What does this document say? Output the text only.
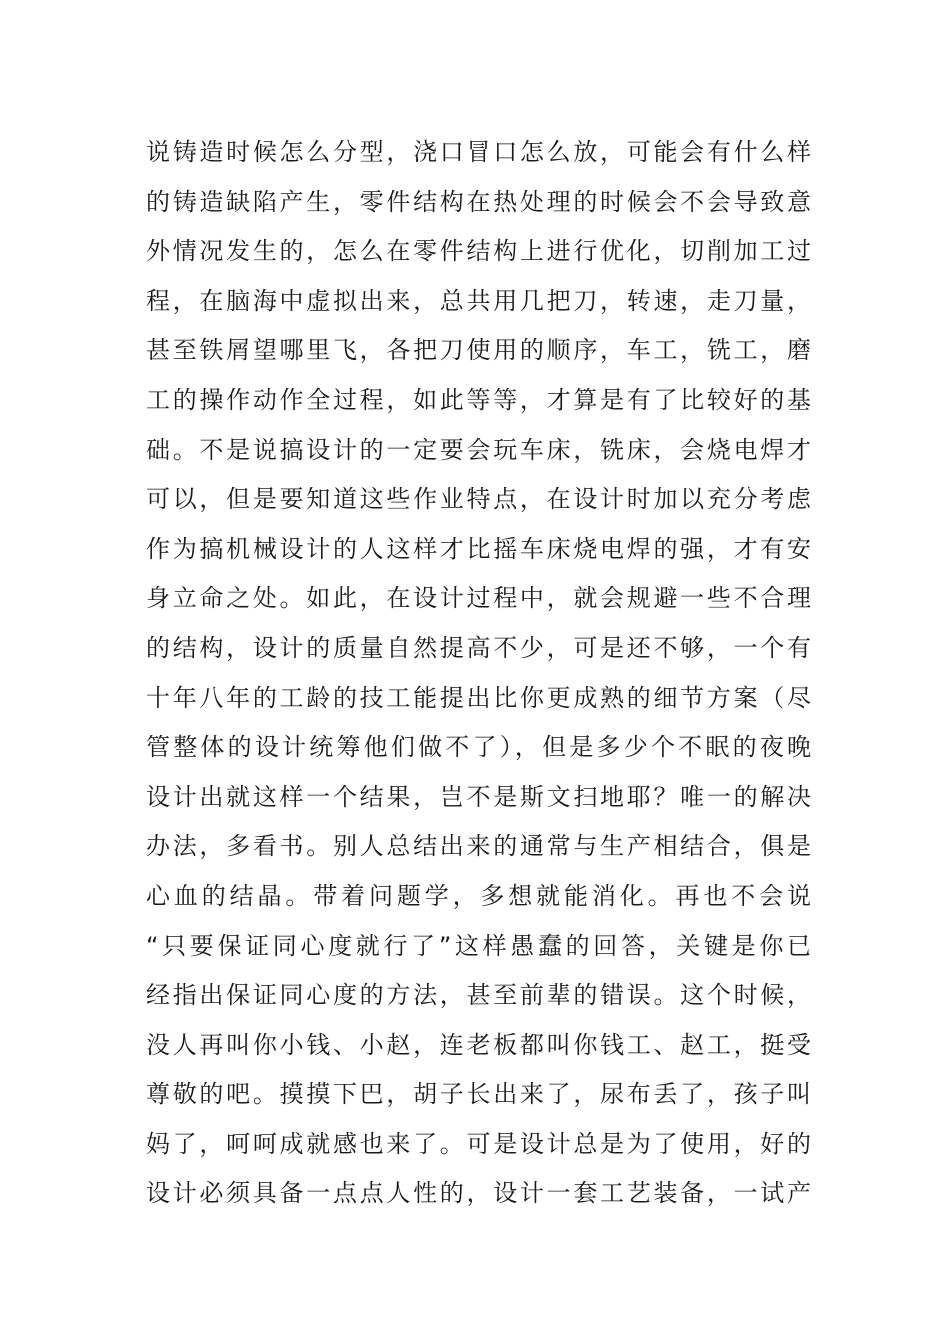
说铸造时候怎么分型，浇口冒口怎么放，可能会有什么样
的铸造缺陷产生，零件结构在热处理的时候会不会导致意
外情况发生的，怎么在零件结构上进行优化，切削加工过
程，在脑海中虚拟出来，总共用几把刀，转速，走刀量，
甚至铁屑望哪里飞，各把刀使用的顺序，车工，铣工，磨
工的操作动作全过程，如此等等，才算是有了比较好的基
础。不是说搞设计的一定要会玩车床，铣床，会烧电焊才
可以，但是要知道这些作业特点，在设计时加以充分考虑
作为搞机械设计的人这样才比摇车床烧电焊的强，才有安
身立命之处。如此，在设计过程中，就会规避一些不合理
的结构，设计的质量自然提高不少，可是还不够，一个有
十年八年的工龄的技工能提出比你更成熟的细节方案（尽
管整体的设计统筹他们做不了），但是多少个不眠的夜晚
设计出就这样一个结果，岂不是斯文扫地耶？唯一的解决
办法，多看书。别人总结出来的通常与生产相结合，俱是
心血的结晶。带着问题学，多想就能消化。再也不会说
“只要保证同心度就行了”这样愚蠢的回答，关键是你已
经指出保证同心度的方法，甚至前辈的错误。这个时候，
没人再叫你小钱、小赵，连老板都叫你钱工、赵工，挺受
尊敬的吧。摸摸下巴，胡子长出来了，尿布丢了，孩子叫
妈了，呵呵成就感也来了。可是设计总是为了使用，好的
设计必须具备一点点人性的，设计一套工艺装备，一试产
